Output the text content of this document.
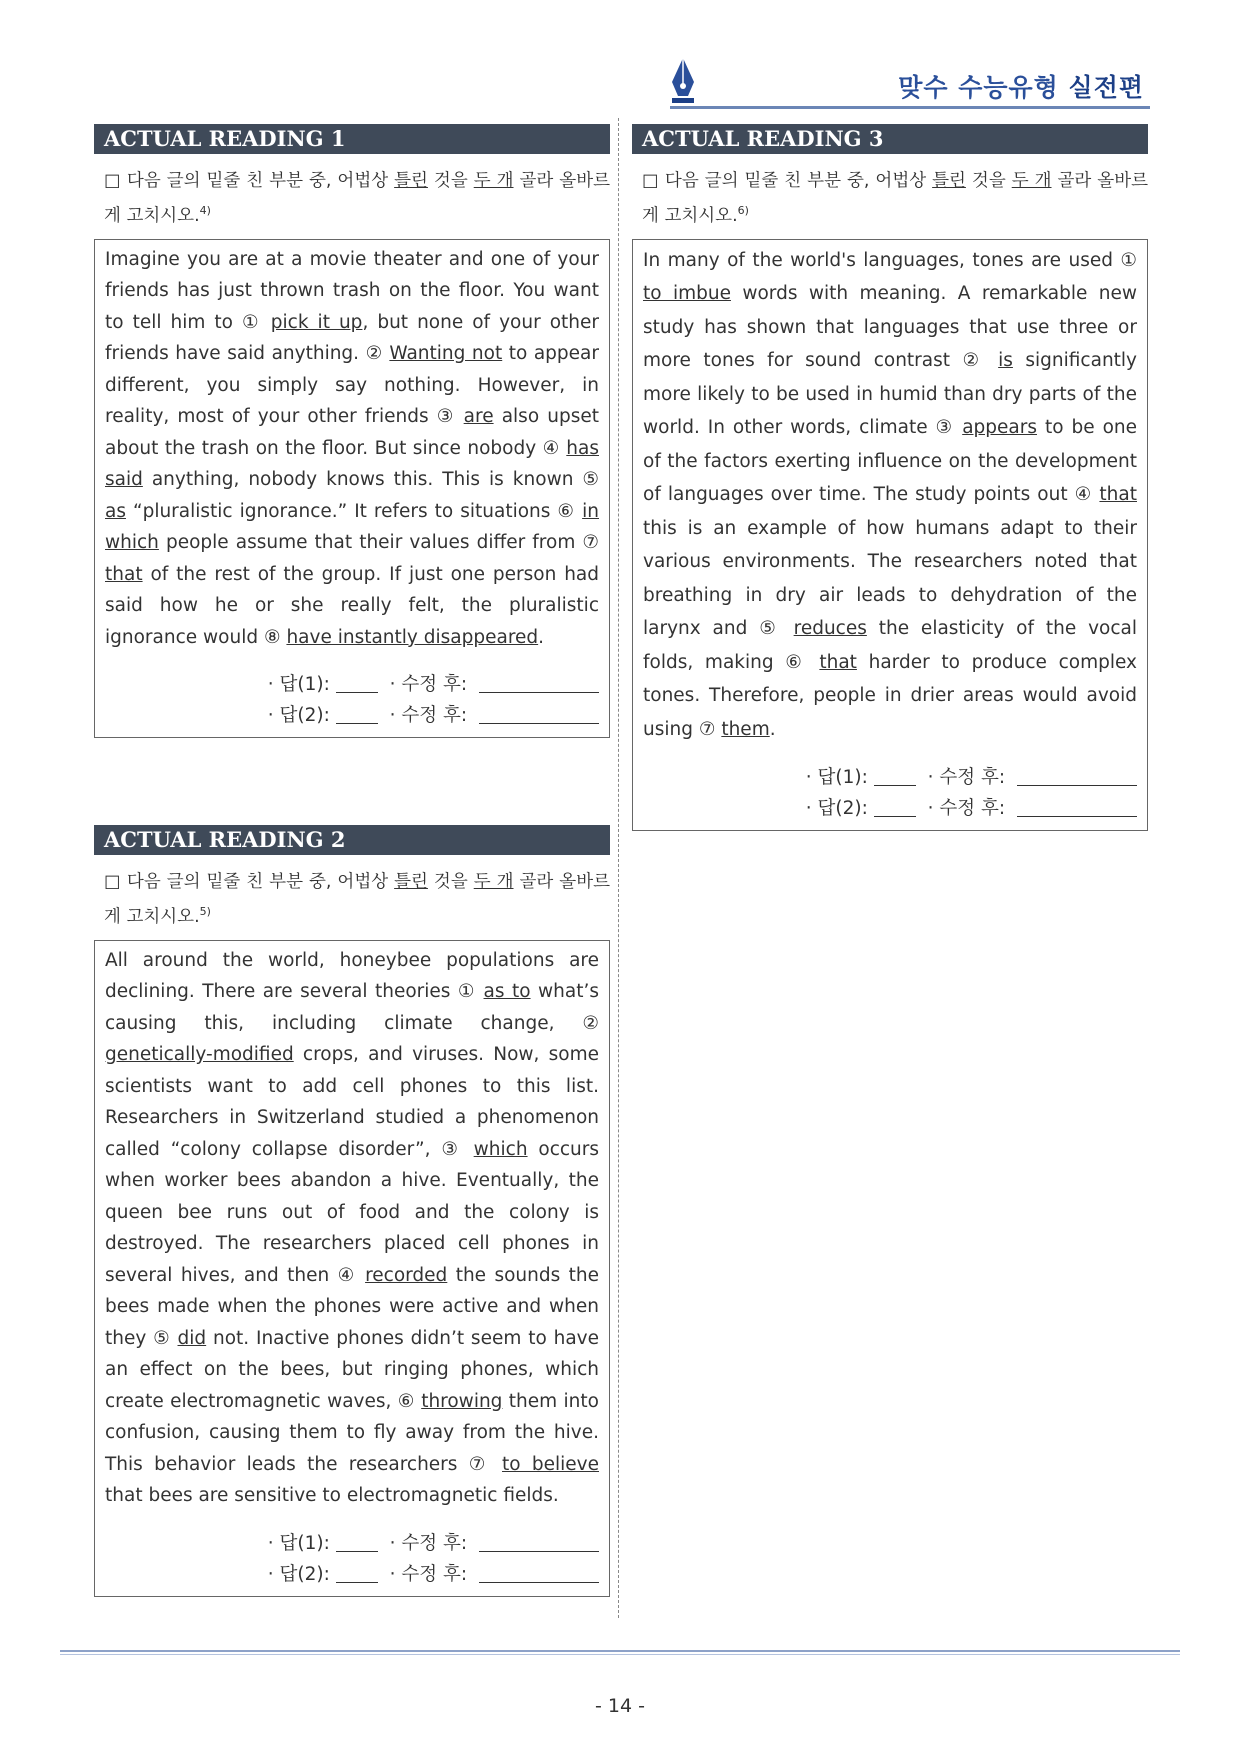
맞수 수능유형 실전편
ACTUAL READING 1
□ 다음 글의 밑줄 친 부분 중, 어법상 틀린 것을 두 개 골라 올바르게 고치시오.$^{4)}$
Imagine you are at a movie theater and one of your friends has just thrown trash on the floor. You want to tell him to ① pick it up, but none of your other friends have said anything. ② Wanting not to appear different, you simply say nothing. However, in reality, most of your other friends ③ are also upset about the trash on the floor. But since nobody ④ has said anything, nobody knows this. This is known ⑤ as “pluralistic ignorance.” It refers to situations ⑥ in which people assume that their values differ from ⑦ that of the rest of the group. If just one person had said how he or she really felt, the pluralistic ignorance would ⑧ have instantly disappeared.
· 답(1):	· 수정 후:
· 답(2):	· 수정 후:
ACTUAL READING 2
□ 다음 글의 밑줄 친 부분 중, 어법상 틀린 것을 두 개 골라 올바르게 고치시오.$^{5)}$
All around the world, honeybee populations are declining. There are several theories ① as to what’s causing this, including climate change, ② genetically-modified crops, and viruses. Now, some scientists want to add cell phones to this list. Researchers in Switzerland studied a phenomenon called “colony collapse disorder”, ③ which occurs when worker bees abandon a hive. Eventually, the queen bee runs out of food and the colony is destroyed. The researchers placed cell phones in several hives, and then ④ recorded the sounds the bees made when the phones were active and when they ⑤ did not. Inactive phones didn’t seem to have an effect on the bees, but ringing phones, which create electromagnetic waves, ⑥ throwing them into confusion, causing them to fly away from the hive. This behavior leads the researchers ⑦ to believe that bees are sensitive to electromagnetic fields.
· 답(1):	· 수정 후:
· 답(2):	· 수정 후:
ACTUAL READING 3
□ 다음 글의 밑줄 친 부분 중, 어법상 틀린 것을 두 개 골라 올바르게 고치시오.$^{6)}$
In many of the world's languages, tones are used ① to imbue words with meaning. A remarkable new study has shown that languages that use three or more tones for sound contrast ② is significantly more likely to be used in humid than dry parts of the world. In other words, climate ③ appears to be one of the factors exerting influence on the development of languages over time. The study points out ④ that this is an example of how humans adapt to their various environments. The researchers noted that breathing in dry air leads to dehydration of the larynx and ⑤ reduces the elasticity of the vocal folds, making ⑥ that harder to produce complex tones. Therefore, people in drier areas would avoid using ⑦ them.
· 답(1):	· 수정 후:
· 답(2):	· 수정 후:
- 14 -
